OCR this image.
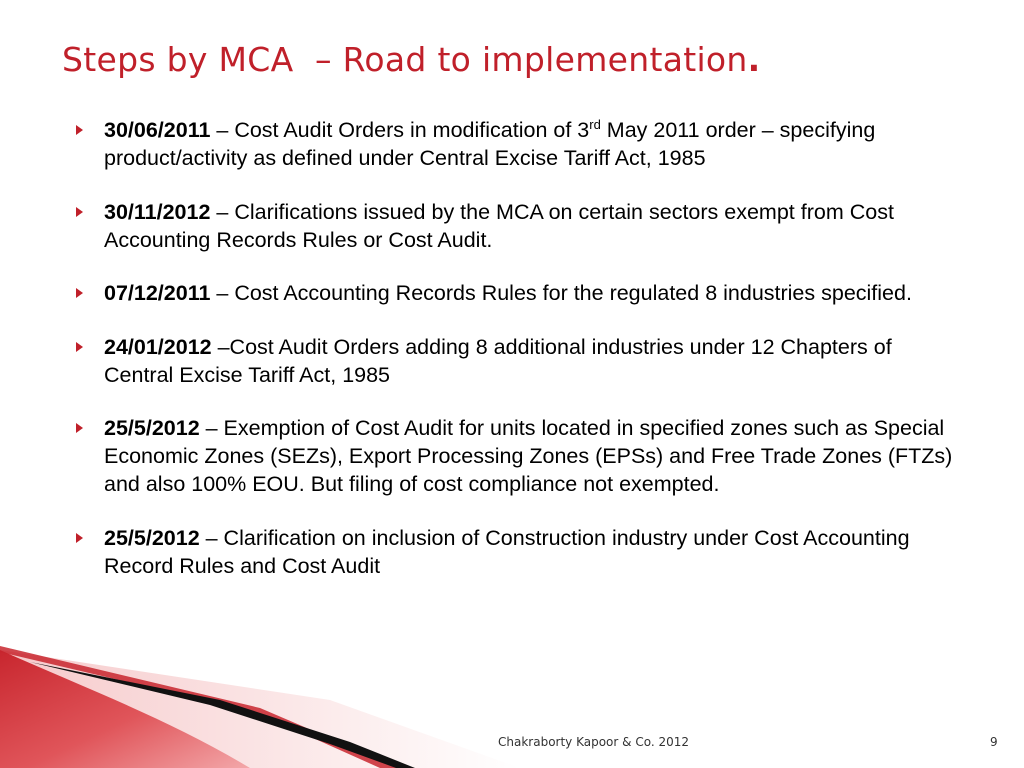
Steps by MCA  – Road to implementation.
30/06/2011 – Cost Audit Orders in modification of 3rd May 2011 order – specifying product/activity as defined under Central Excise Tariff Act, 1985
30/11/2012 – Clarifications issued by the MCA on certain sectors exempt from Cost Accounting Records Rules or Cost Audit.
07/12/2011 – Cost Accounting Records Rules for the regulated 8 industries specified.
24/01/2012 –Cost Audit Orders adding 8 additional industries under 12 Chapters of Central Excise Tariff Act, 1985
25/5/2012 – Exemption of Cost Audit for units located in specified zones such as Special Economic Zones (SEZs), Export Processing Zones (EPSs) and Free Trade Zones (FTZs) and also 100% EOU. But filing of cost compliance not exempted.
25/5/2012 – Clarification on inclusion of Construction industry under Cost Accounting Record Rules and Cost Audit
Chakraborty Kapoor & Co. 2012	9
